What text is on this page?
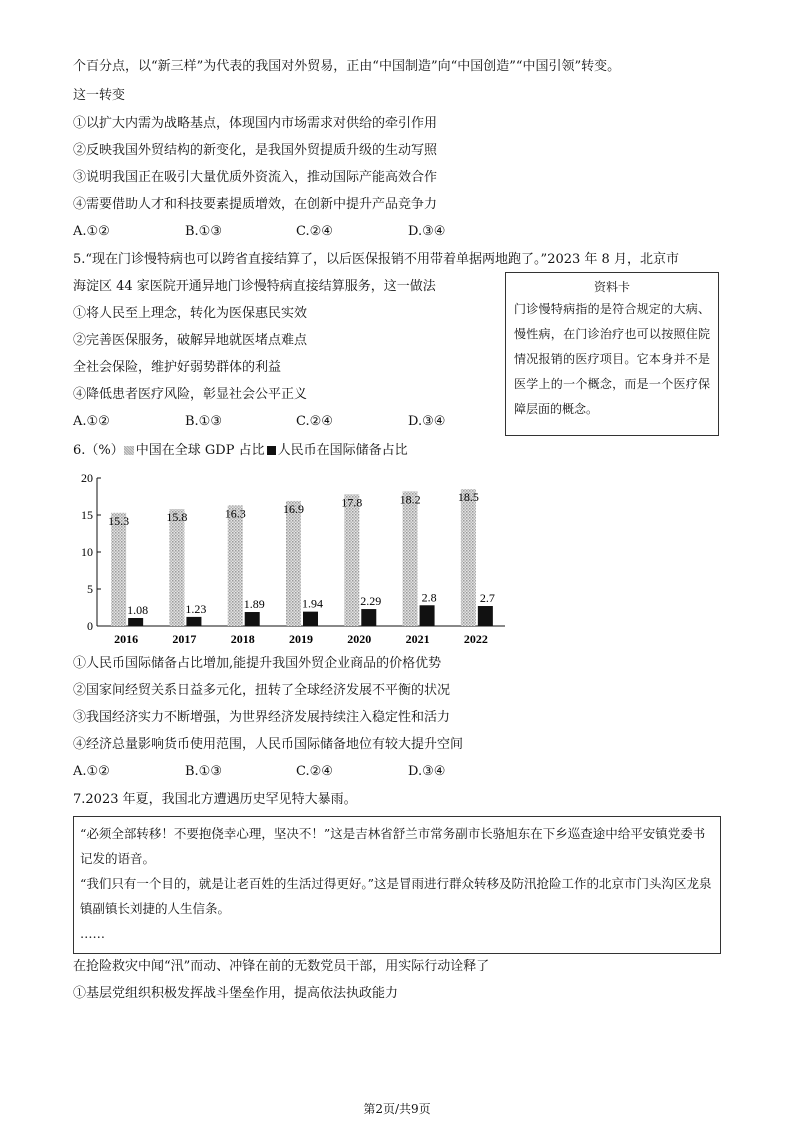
个百分点，以“新三样”为代表的我国对外贸易，正由“中国制造”向“中国创造”“中国引领”转变。
这一转变
①以扩大内需为战略基点，体现国内市场需求对供给的牵引作用
②反映我国外贸结构的新变化，是我国外贸提质升级的生动写照
③说明我国正在吸引大量优质外资流入，推动国际产能高效合作
④需要借助人才和科技要素提质增效，在创新中提升产品竞争力
A.①②	B.①③	C.②④	D.③④
5.“现在门诊慢特病也可以跨省直接结算了，以后医保报销不用带着单据两地跑了。”2023 年 8 月，北京市
海淀区 44 家医院开通异地门诊慢特病直接结算服务，这一做法
①将人民至上理念，转化为医保惠民实效
②完善医保服务，破解异地就医堵点难点
全社会保险，维护好弱势群体的利益
④降低患者医疗风险，彰显社会公平正义
A.①②	B.①③	C.②④	D.③④
资料卡
门诊慢特病指的是符合规定的大病、慢性病，在门诊治疗也可以按照住院情况报销的医疗项目。它本身并不是医学上的一个概念，而是一个医疗保障层面的概念。
6.（%） 中国在全球 GDP 占比 人民币在国际储备占比
0
5
10
15
20
15.3
1.08
2016
15.8
1.23
2017
16.3
1.89
2018
16.9
1.94
2019
17.8
2.29
2020
18.2
2.8
2021
18.5
2.7
2022
①人民币国际储备占比增加,能提升我国外贸企业商品的价格优势
②国家间经贸关系日益多元化，扭转了全球经济发展不平衡的状况
③我国经济实力不断增强，为世界经济发展持续注入稳定性和活力
④经济总量影响货币使用范围，人民币国际储备地位有较大提升空间
A.①②	B.①③	C.②④	D.③④
7.2023 年夏，我国北方遭遇历史罕见特大暴雨。

“必须全部转移！不要抱侥幸心理，坚决不！”这是吉林省舒兰市常务副市长骆旭东在下乡巡查途中给平安镇党委书记发的语音。

“我们只有一个目的，就是让老百姓的生活过得更好。”这是冒雨进行群众转移及防汛抢险工作的北京市门头沟区龙泉镇副镇长刘捷的人生信条。

……

在抢险救灾中闻“汛”而动、冲锋在前的无数党员干部，用实际行动诠释了
①基层党组织积极发挥战斗堡垒作用，提高依法执政能力
第2页/共9页
